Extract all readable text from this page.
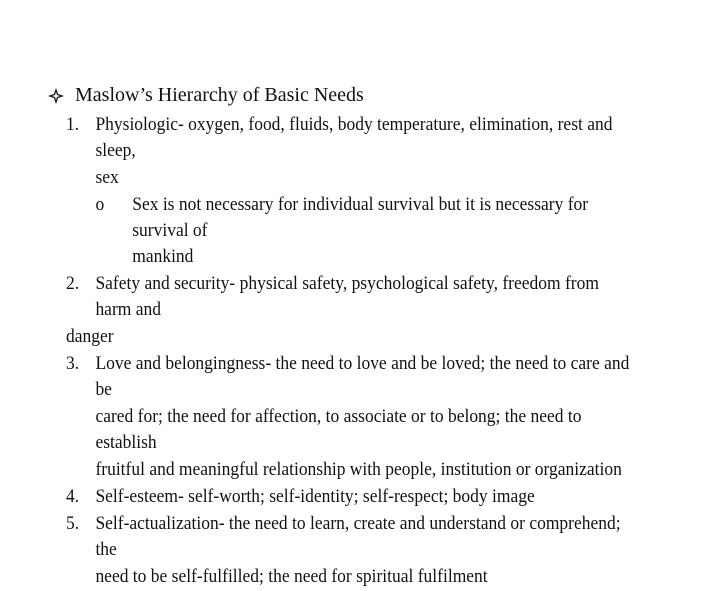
Maslow’s Hierarchy of Basic Needs
1. Physiologic- oxygen, food, fluids, body temperature, elimination, rest and sleep,
sex
o	Sex is not necessary for individual survival but it is necessary for survival of
mankind
2. Safety and security- physical safety, psychological safety, freedom from harm and
danger
3. Love and belongingness- the need to love and be loved; the need to care and be
cared for; the need for affection, to associate or to belong; the need to establish
fruitful and meaningful relationship with people, institution or organization
4. Self-esteem- self-worth; self-identity; self-respect; body image
5. Self-actualization- the need to learn, create and understand or comprehend; the
need to be self-fulfilled; the need for spiritual fulfilment
